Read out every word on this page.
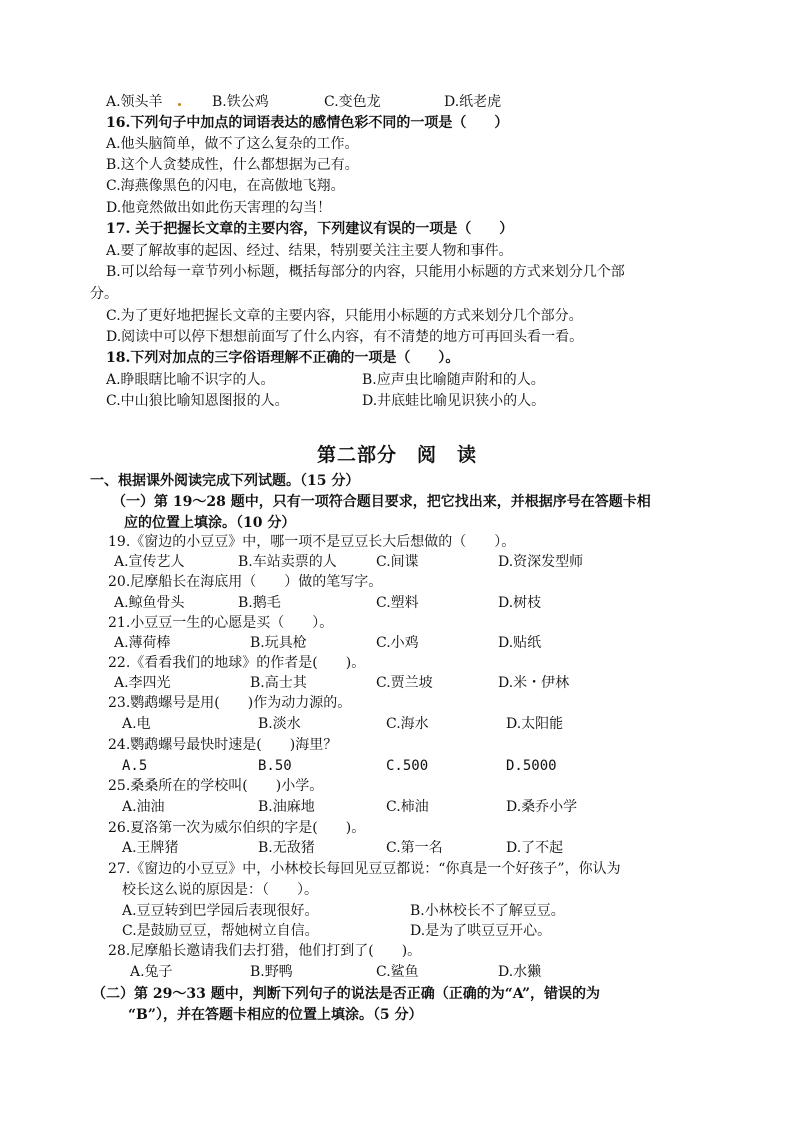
A.领头羊	B.铁公鸡	C.变色龙	D.纸老虎
16.下列句子中加点的词语表达的感情色彩不同的一项是（　　）
A.他头脑简单，做不了这么复杂的工作。
B.这个人贪婪成性，什么都想据为己有。
C.海燕像黑色的闪电，在高傲地飞翔。
D.他竟然做出如此伤天害理的勾当！
17. 关于把握长文章的主要内容，下列建议有误的一项是（　　）
A.要了解故事的起因、经过、结果，特别要关注主要人物和事件。
B.可以给每一章节列小标题，概括每部分的内容，只能用小标题的方式来划分几个部
分。
C.为了更好地把握长文章的主要内容，只能用小标题的方式来划分几个部分。
D.阅读中可以停下想想前面写了什么内容，有不清楚的地方可再回头看一看。
18.下列对加点的三字俗语理解不正确的一项是（　　）。
A.睁眼瞎比喻不识字的人。	B.应声虫比喻随声附和的人。
C.中山狼比喻知恩图报的人。	D.井底蛙比喻见识狭小的人。
第二部分　阅　读
一、根据课外阅读完成下列试题。（15 分）
（一）第 19～28 题中，只有一项符合题目要求，把它找出来，并根据序号在答题卡相
应的位置上填涂。（10 分）
19.《窗边的小豆豆》中，哪一项不是豆豆长大后想做的（　　）。
A.宣传艺人	B.车站卖票的人	C.间谍	D.资深发型师
20.尼摩船长在海底用（　　）做的笔写字。
A.鲸鱼骨头	B.鹅毛	C.塑料	D.树枝
21.小豆豆一生的心愿是买（　　）。
A.薄荷棒	B.玩具枪	C.小鸡	D.贴纸
22.《看看我们的地球》的作者是(　　)。
A.李四光	B.高士其	C.贾兰坡	D.米・伊林
23.鹦鹉螺号是用(　　)作为动力源的。
A.电	B.淡水	C.海水	D.太阳能
24.鹦鹉螺号最快时速是(　　)海里？
A.5	B.50	C.500	D.5000
25.桑桑所在的学校叫(　　)小学。
A.油油	B.油麻地	C.柿油	D.桑乔小学
26.夏洛第一次为威尔伯织的字是(　　)。
A.王牌猪	B.无敌猪	C.第一名	D.了不起
27.《窗边的小豆豆》中，小林校长每回见豆豆都说：“你真是一个好孩子”，你认为
校长这么说的原因是：（　　）。
A.豆豆转到巴学园后表现很好。	B.小林校长不了解豆豆。
C.是鼓励豆豆，帮她树立自信。	D.是为了哄豆豆开心。
28.尼摩船长邀请我们去打猎，他们打到了(　　)。
A.兔子	B.野鸭	C.鲨鱼	D.水獭
（二）第 29～33 题中，判断下列句子的说法是否正确（正确的为“A”，错误的为
“B”），并在答题卡相应的位置上填涂。（5 分）
